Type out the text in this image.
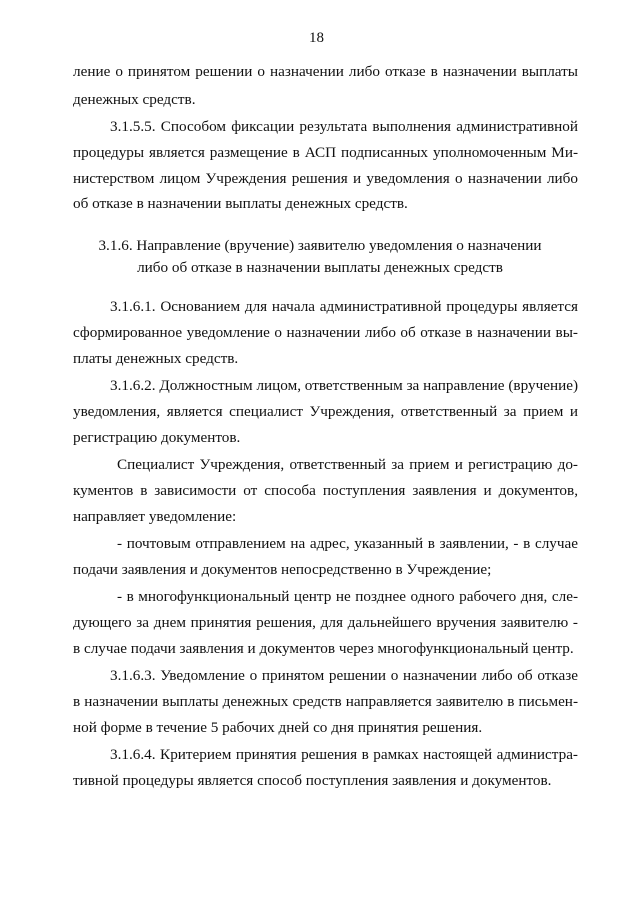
18
ление о принятом решении о назначении либо отказе в назначении выплаты
денежных средств.
3.1.5.5. Способом фиксации результата выполнения административной
процедуры является размещение в АСП подписанных уполномоченным Ми-
нистерством лицом Учреждения решения и уведомления о назначении либо
об отказе в назначении выплаты денежных средств.
3.1.6. Направление (вручение) заявителю уведомления о назначении
либо об отказе в назначении выплаты денежных средств
3.1.6.1. Основанием для начала административной процедуры является
сформированное уведомление о назначении либо об отказе в назначении вы-
платы денежных средств.
3.1.6.2. Должностным лицом, ответственным за направление (вручение)
уведомления, является специалист Учреждения, ответственный за прием и
регистрацию документов.
Специалист Учреждения, ответственный за прием и регистрацию до-
кументов в зависимости от способа поступления заявления и документов,
направляет уведомление:
- почтовым отправлением на адрес, указанный в заявлении, - в случае
подачи заявления и документов непосредственно в Учреждение;
- в многофункциональный центр не позднее одного рабочего дня, сле-
дующего за днем принятия решения, для дальнейшего вручения заявителю -
в случае подачи заявления и документов через многофункциональный центр.
3.1.6.3. Уведомление о принятом решении о назначении либо об отказе
в назначении выплаты денежных средств направляется заявителю в письмен-
ной форме в течение 5 рабочих дней со дня принятия решения.
3.1.6.4. Критерием принятия решения в рамках настоящей администра-
тивной процедуры является способ поступления заявления и документов.
